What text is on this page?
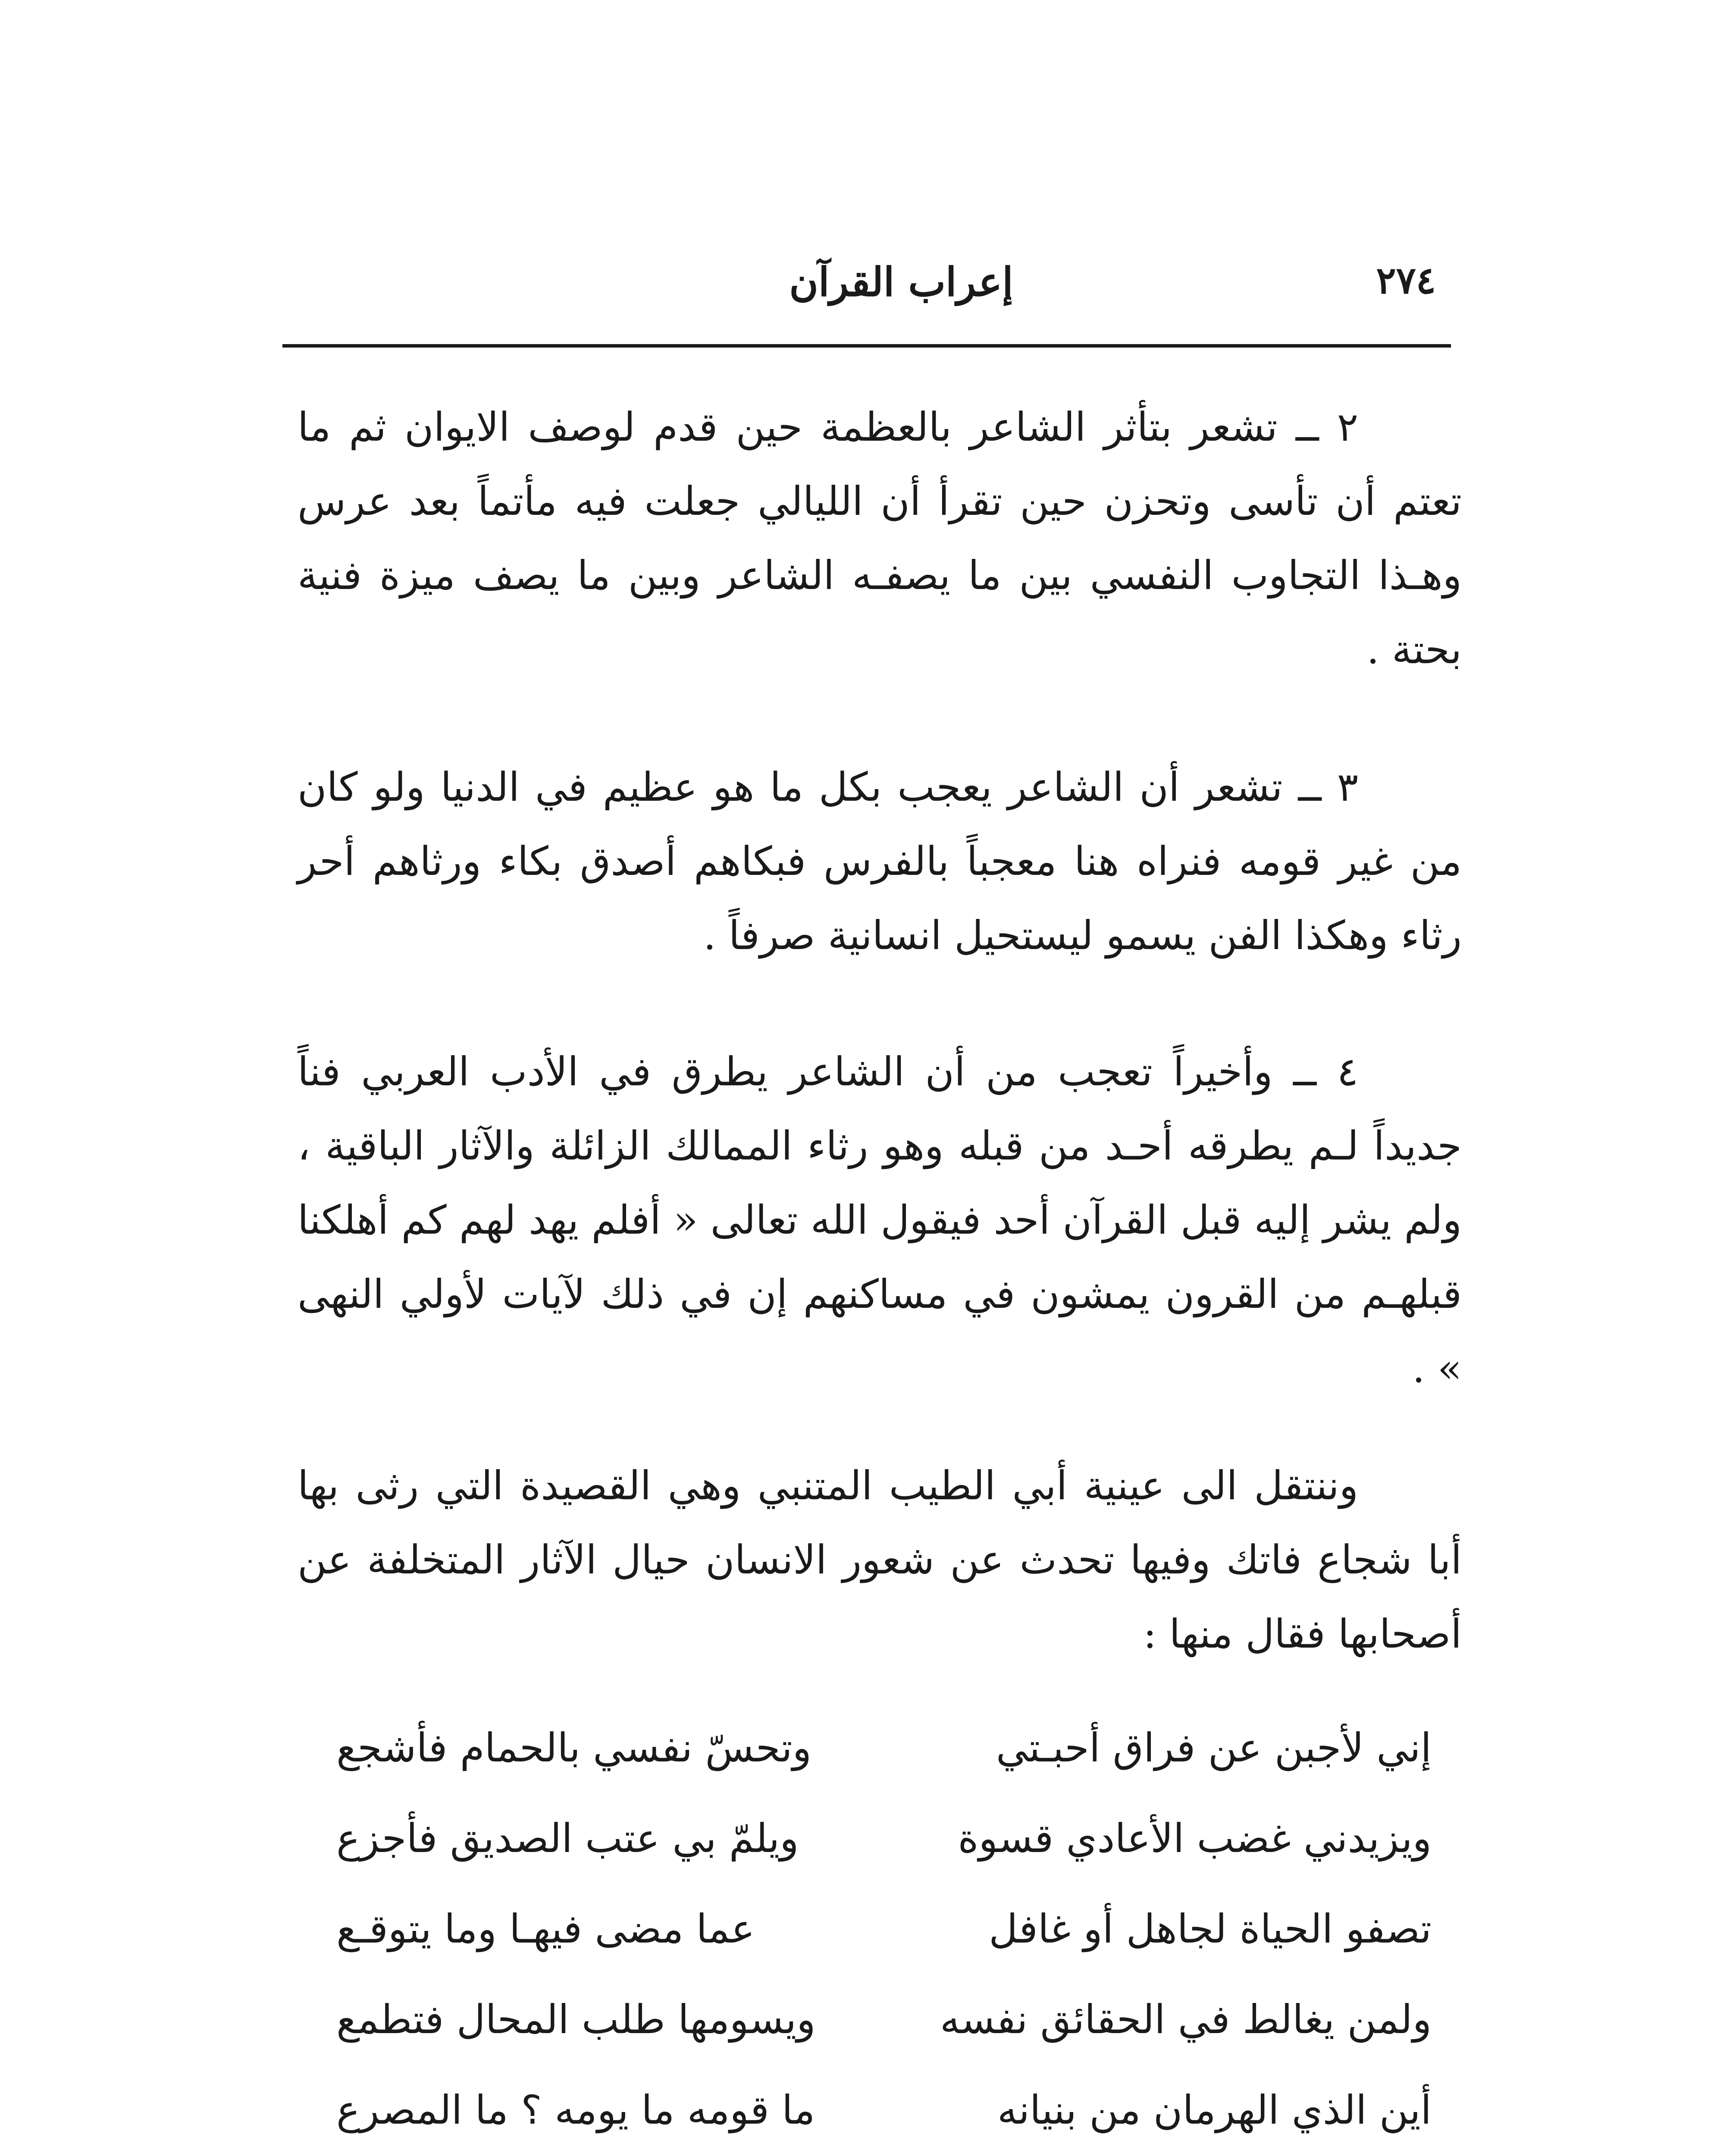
٢٧٤
إعراب القرآن

٢ ــ تشعر بتأثر الشاعر بالعظمة حين قدم لوصف الايوان ثم ما تعتم أن تأسى وتحزن حين تقرأ أن الليالي جعلت فيه مأتماً بعد عرس وهـذا التجاوب النفسي بين ما يصفـه الشاعر وبين ما يصف ميزة فنية بحتة .

٣ ــ تشعر أن الشاعر يعجب بكل ما هو عظيم في الدنيا ولو كان من غير قومه فنراه هنا معجباً بالفرس فبكاهم أصدق بكاء ورثاهم أحر رثاء وهكذا الفن يسمو ليستحيل انسانية صرفاً .

٤ ــ وأخيراً تعجب من أن الشاعر يطرق في الأدب العربي فناً جديداً لـم يطرقه أحـد من قبله وهو رثاء الممالك الزائلة والآثار الباقية ، ولم يشر إليه قبل القرآن أحد فيقول الله تعالى « أفلم يهد لهم كم أهلكنا قبلهـم من القرون يمشون في مساكنهم إن في ذلك لآيات لأولي النهى » .

وننتقل الى عينية أبي الطيب المتنبي وهي القصيدة التي رثى بها أبا شجاع فاتك وفيها تحدث عن شعور الانسان حيال الآثار المتخلفة عن أصحابها فقال منها :

إني لأجبن عن فراق أحبـتي
وتحسّ نفسي بالحمام فأشجع
ويزيدني غضب الأعادي قسوة
ويلمّ بي عتب الصديق فأجزع
تصفو الحياة لجاهل أو غافل
عما مضى فيهـا وما يتوقـع
ولمن يغالط في الحقائق نفسه
ويسومها طلب المحال فتطمع
أين الذي الهرمان من بنيانه
ما قومه ما يومه ؟ ما المصرع
